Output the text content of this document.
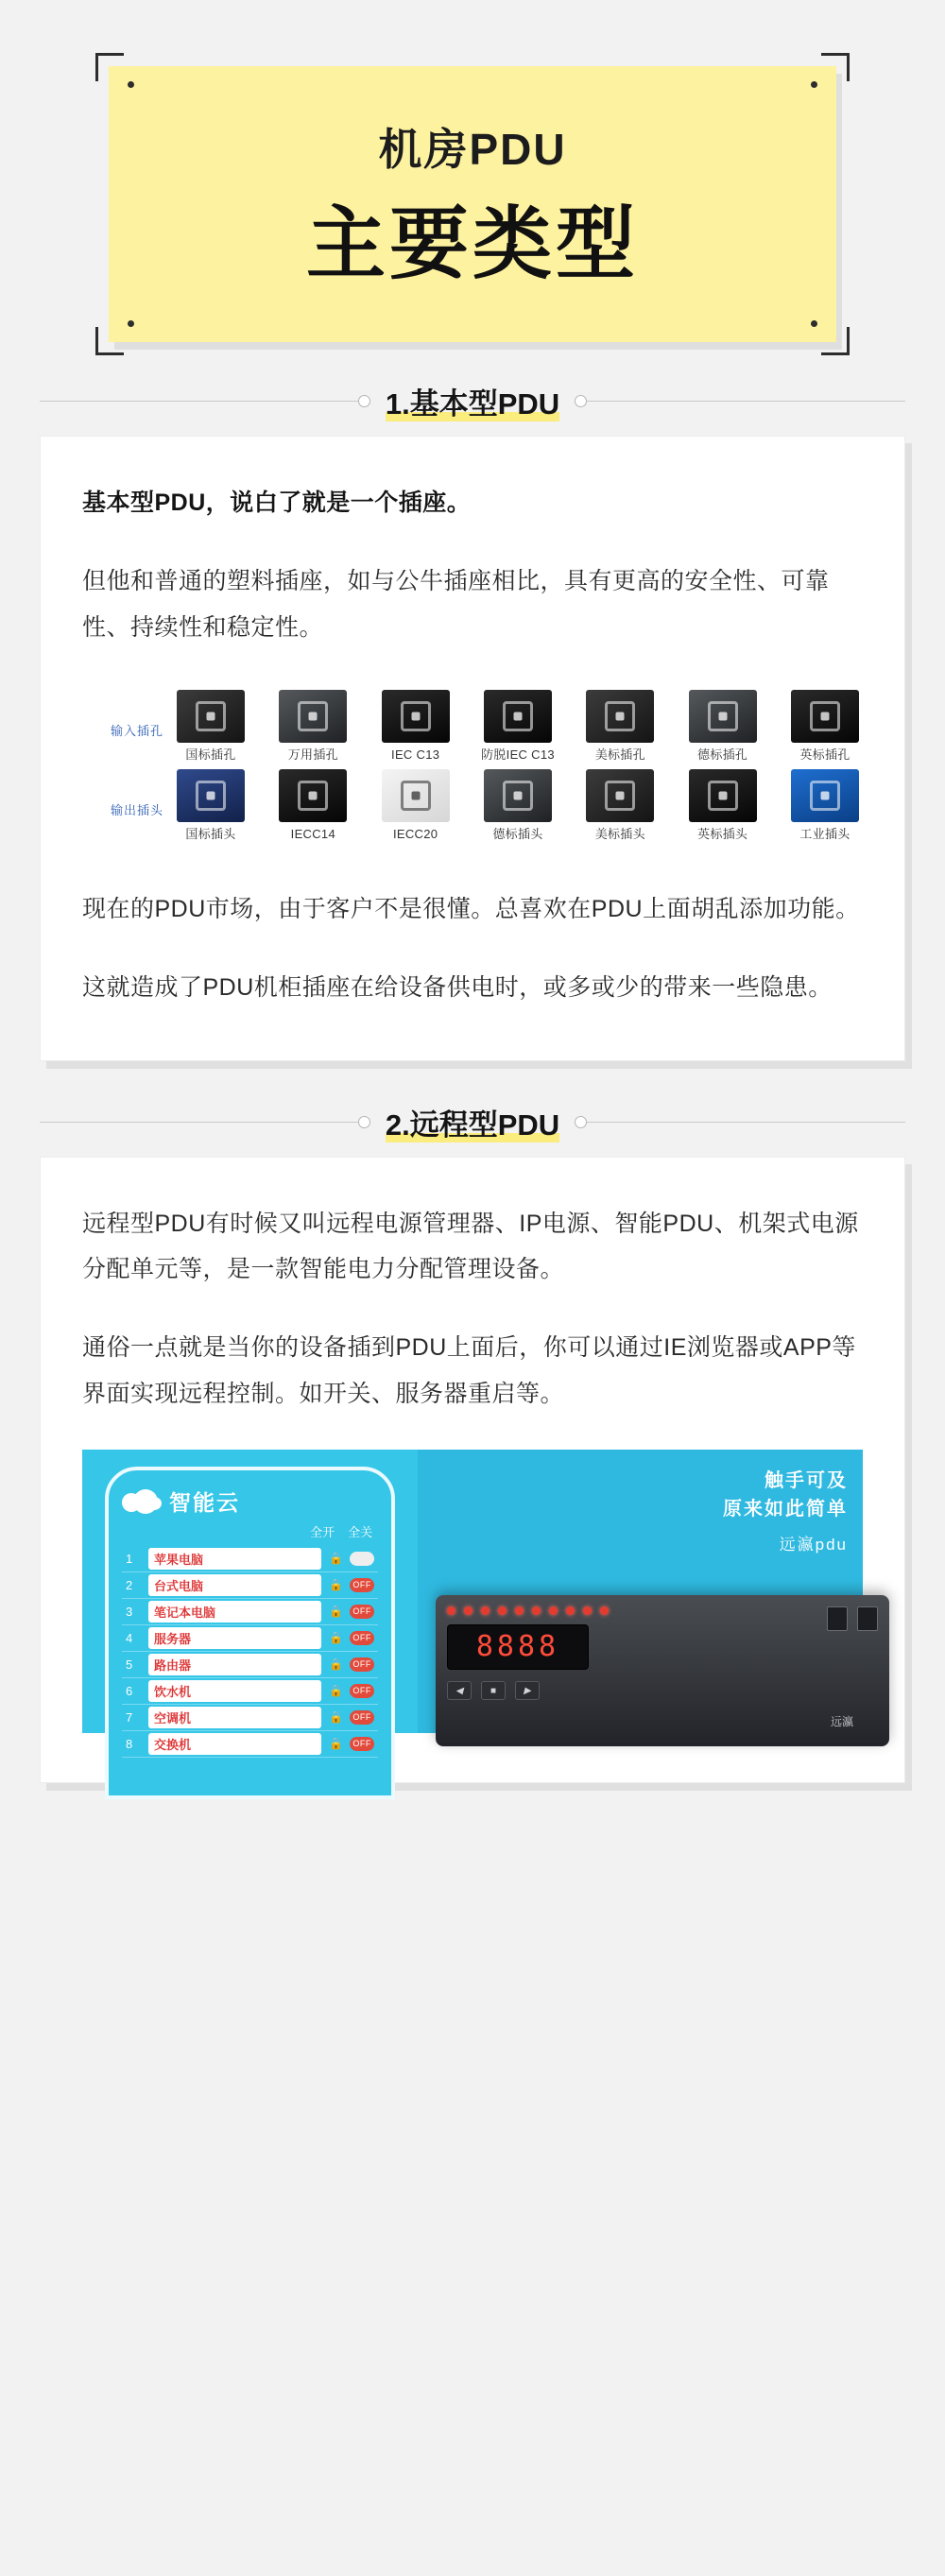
机房PDU
主要类型
1.基本型PDU

基本型PDU，说白了就是一个插座。

但他和普通的塑料插座，如与公牛插座相比，具有更高的安全性、可靠性、持续性和稳定性。

输入插孔
国标插孔	万用插孔	IEC C13	防脱IEC C13	美标插孔	德标插孔	英标插孔
输出插头
国标插头	IECC14	IECC20	德标插头	美标插头	英标插头	工业插头

现在的PDU市场，由于客户不是很懂。总喜欢在PDU上面胡乱添加功能。

这就造成了PDU机柜插座在给设备供电时，或多或少的带来一些隐患。

2.远程型PDU

远程型PDU有时候又叫远程电源管理器、IP电源、智能PDU、机架式电源分配单元等，是一款智能电力分配管理设备。

通俗一点就是当你的设备插到PDU上面后，你可以通过IE浏览器或APP等界面实现远程控制。如开关、服务器重启等。

智能云
全开 全关
1	苹果电脑	🔒
2	台式电脑	🔒	OFF
3	笔记本电脑	🔒	OFF
4	服务器	🔒	OFF
5	路由器	🔒	OFF
6	饮水机	🔒	OFF
7	空调机	🔒	OFF
8	交换机	🔒	OFF
触手可及
原来如此简单
远瀛pdu
8888
◀	■	▶
远瀛
